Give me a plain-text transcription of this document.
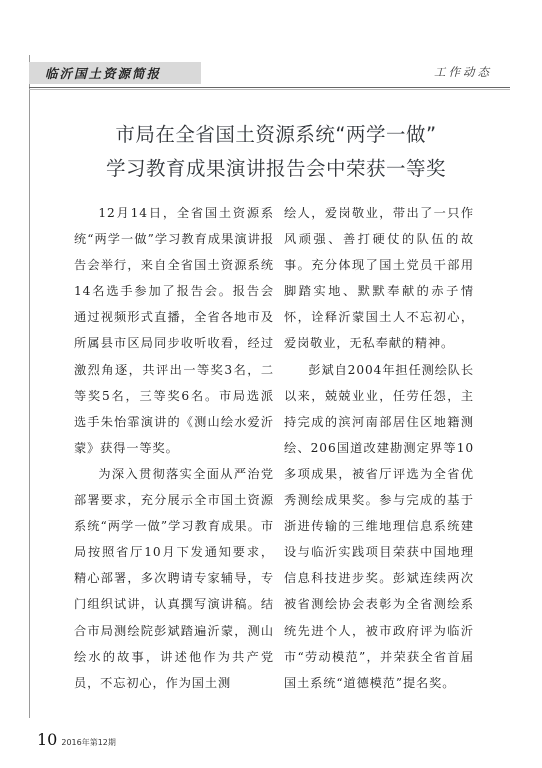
临沂国土资源简报	工作动态
市局在全省国土资源系统“两学一做”
学习教育成果演讲报告会中荣获一等奖

12月14日，全省国土资源系统“两学一做”学习教育成果演讲报告会举行，来自全省国土资源系统14名选手参加了报告会。报告会通过视频形式直播，全省各地市及所属县市区局同步收听收看，经过激烈角逐，共评出一等奖3名，二等奖5名，三等奖6名。市局选派选手朱怡霏演讲的《测山绘水爱沂蒙》获得一等奖。

为深入贯彻落实全面从严治党部署要求，充分展示全市国土资源系统“两学一做”学习教育成果。市局按照省厅10月下发通知要求，精心部署，多次聘请专家辅导，专门组织试讲，认真撰写演讲稿。结合市局测绘院彭斌踏遍沂蒙，测山绘水的故事，讲述他作为共产党员，不忘初心，作为国土测

绘人，爱岗敬业，带出了一只作风顽强、善打硬仗的队伍的故事。充分体现了国土党员干部用脚踏实地、默默奉献的赤子情怀，诠释沂蒙国土人不忘初心，爱岗敬业，无私奉献的精神。

彭斌自2004年担任测绘队长以来，兢兢业业，任劳任怨，主持完成的滨河南部居住区地籍测绘、206国道改建勘测定界等10多项成果，被省厅评选为全省优秀测绘成果奖。参与完成的基于浙进传输的三维地理信息系统建设与临沂实践项目荣获中国地理信息科技进步奖。彭斌连续两次被省测绘协会表彰为全省测绘系统先进个人，被市政府评为临沂市“劳动模范”，并荣获全省首届国土系统“道德模范”提名奖。

10 2016年第12期
